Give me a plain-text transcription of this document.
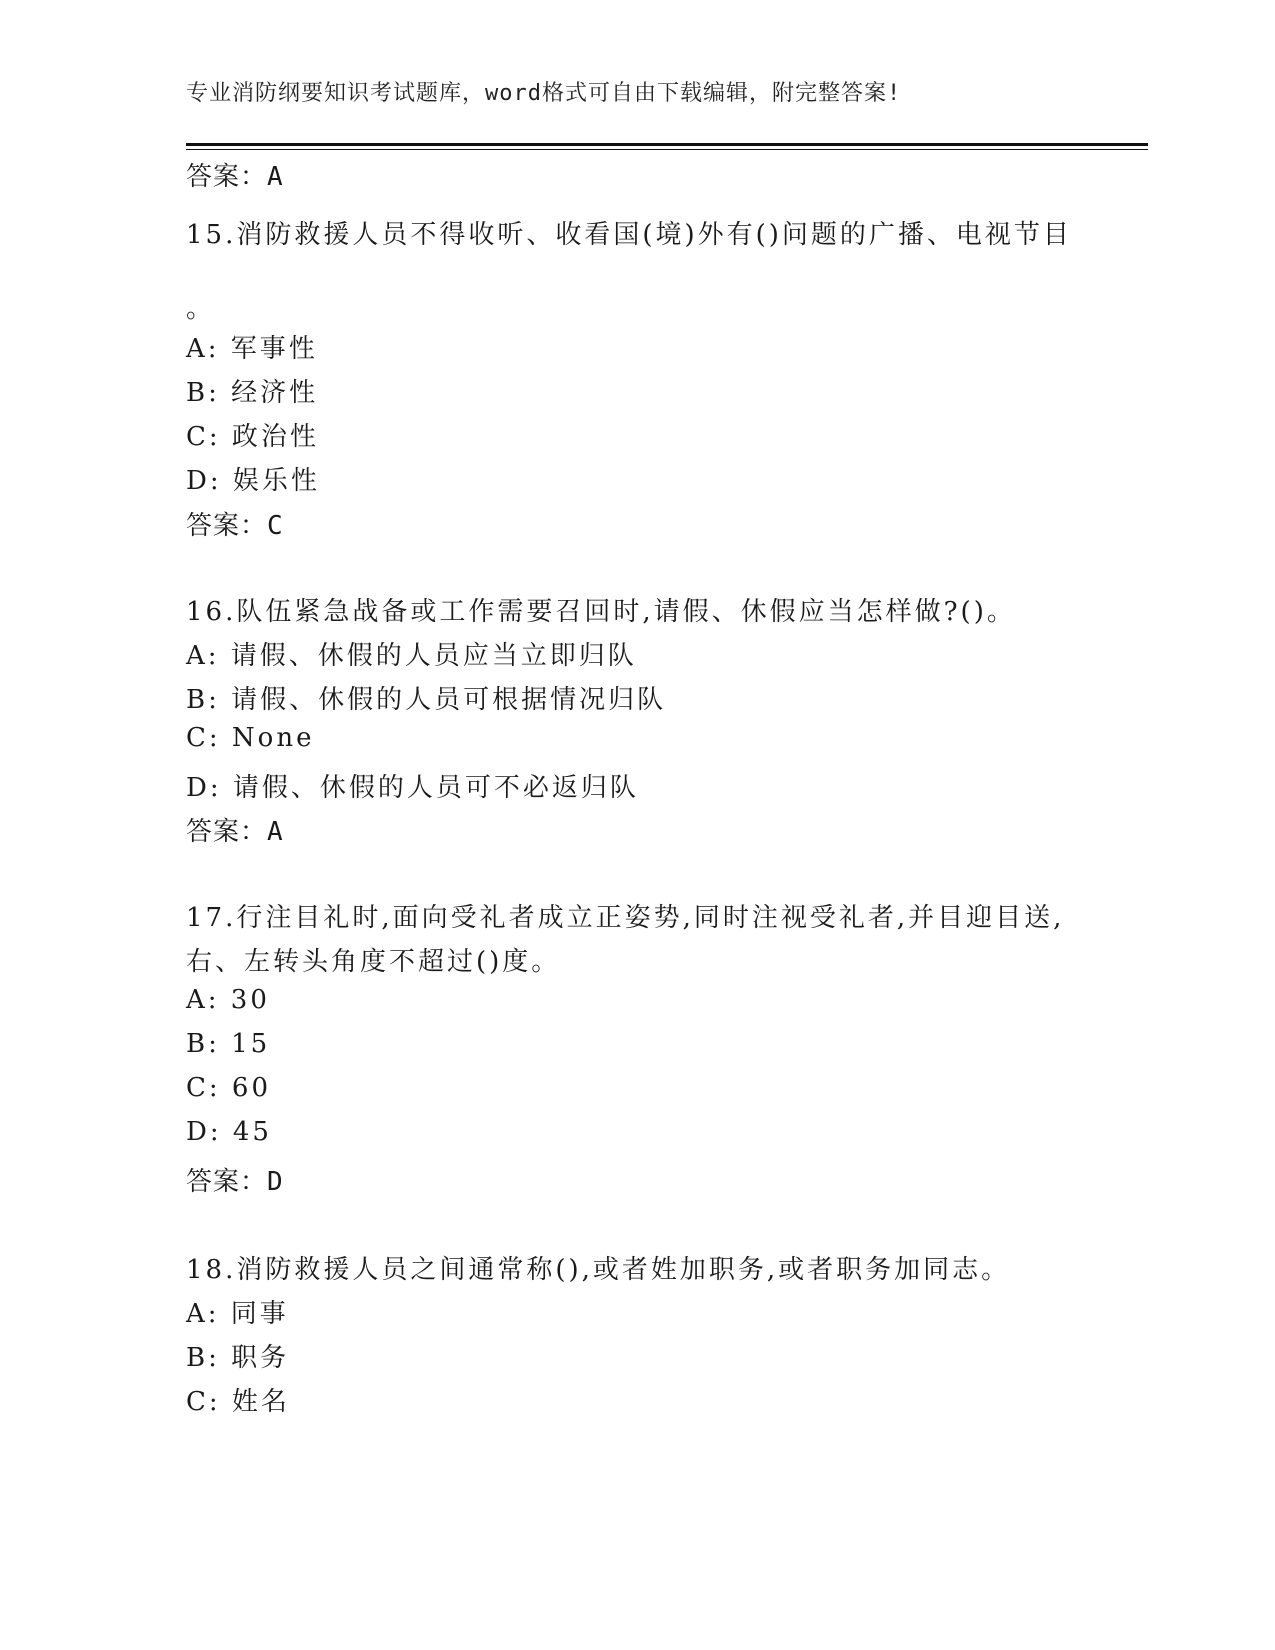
专业消防纲要知识考试题库，word格式可自由下载编辑，附完整答案!
答案：A
15.消防救援人员不得收听、收看国(境)外有()问题的广播、电视节目
。
A: 军事性
B: 经济性
C: 政治性
D: 娱乐性
答案：C
16.队伍紧急战备或工作需要召回时,请假、休假应当怎样做?()。
A: 请假、休假的人员应当立即归队
B: 请假、休假的人员可根据情况归队
C: None
D: 请假、休假的人员可不必返归队
答案：A
17.行注目礼时,面向受礼者成立正姿势,同时注视受礼者,并目迎目送,
右、左转头角度不超过()度。
A: 30
B: 15
C: 60
D: 45
答案：D
18.消防救援人员之间通常称(),或者姓加职务,或者职务加同志。
A: 同事
B: 职务
C: 姓名
